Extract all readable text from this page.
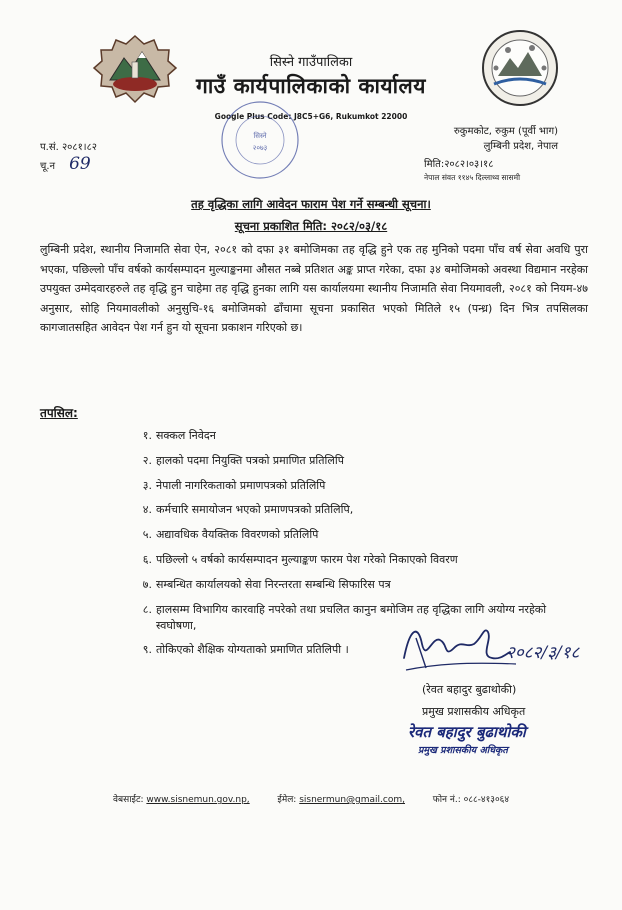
सिस्ने गाउँपालिका
गाउँ कार्यपालिकाको कार्यालय
Google Plus Code: J8C5+G6, Rukumkot 22000
सिस्ने
२०७३
रुकुमकोट, रुकुम (पूर्वी भाग)
लुम्बिनी प्रदेश, नेपाल
प.सं. २०८१।८२
चू.न 69	मिति:२०८२।०३।१८
नेपाल संवत ११४५ दिल्लाथ्व सासमी
तह वृद्धिका लागि आवेदन फाराम पेश गर्ने सम्बन्धी सूचना।
सूचना प्रकाशित मिति: २०८२/०३/१८
लुम्बिनी प्रदेश, स्थानीय निजामति सेवा ऐन, २०८१ को दफा ३१ बमोजिमका तह वृद्धि हुने एक तह मुनिको पदमा पाँच वर्ष सेवा अवधि पुरा भएका, पछिल्लो पाँच वर्षको कार्यसम्पादन मुल्याङ्कनमा औसत नब्बे प्रतिशत अङ्क प्राप्त गरेका, दफा ३४ बमोजिमको अवस्था विद्यमान नरहेका उपयुक्त उम्मेदवारहरुले तह वृद्धि हुन चाहेमा तह वृद्धि हुनका लागि यस कार्यालयमा स्थानीय निजामति सेवा नियमावली, २०८१ को नियम-४७ अनुसार, सोहि नियमावलीको अनुसुचि-१६ बमोजिमको ढाँचामा सूचना प्रकासित भएको मितिले १५ (पन्ध्र) दिन भित्र तपसिलका कागजातसहित आवेदन पेश गर्न हुन यो सूचना प्रकाशन गरिएको छ।
तपसिल:
१. सक्कल निवेदन
२. हालको पदमा नियुक्ति पत्रको प्रमाणित प्रतिलिपि
३. नेपाली नागरिकताको प्रमाणपत्रको प्रतिलिपि
४. कर्मचारि समायोजन भएको प्रमाणपत्रको प्रतिलिपि,
५. अद्यावधिक वैयक्तिक विवरणको प्रतिलिपि
६. पछिल्लो ५ वर्षको कार्यसम्पादन मुल्याङ्कण फारम पेश गरेको निकाएको विवरण
७. सम्बन्धित कार्यालयको सेवा निरन्तरता सम्बन्धि सिफारिस पत्र
८. हालसम्म विभागिय कारवाहि नपरेको तथा प्रचलित कानुन बमोजिम तह वृद्धिका लागि अयोग्य नरहेको स्वघोषणा,
९. तोकिएको शैक्षिक योग्यताको प्रमाणित प्रतिलिपी ।	२०८२/३/१८
(रेवत बहादुर बुढाथोकी)
प्रमुख प्रशासकीय अधिकृत
रेवत बहादुर बुढाथोकी
प्रमुख प्रशासकीय अधिकृत
वेबसाईट: www.sisnemun.gov.np,	ईमेल: sisnermun@gmail.com,	फोन नं.: ०८८-४१३०६४
